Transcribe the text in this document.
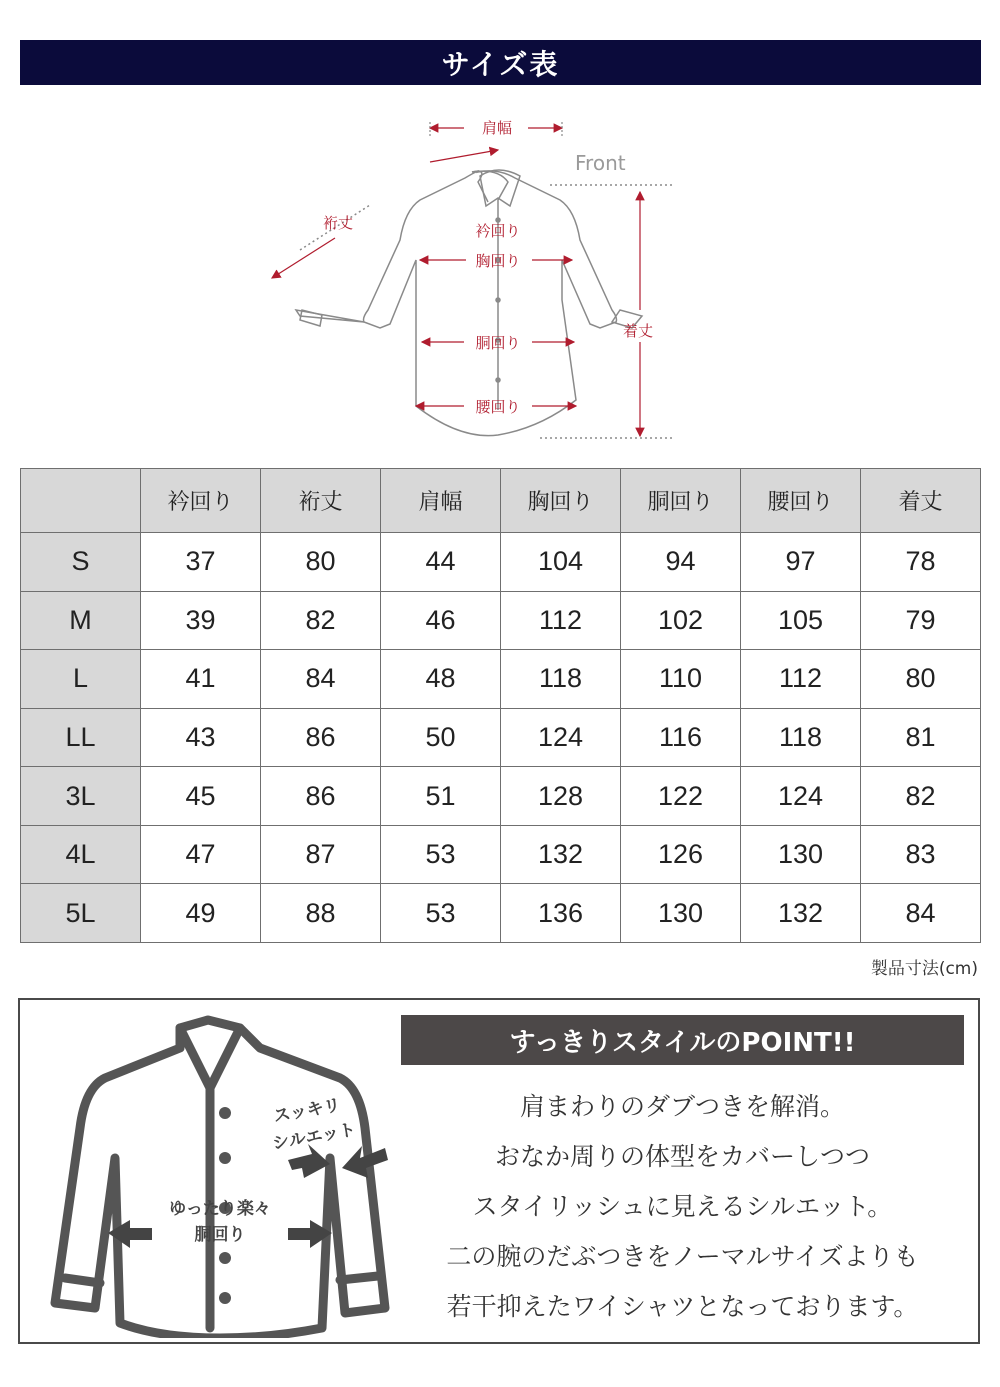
サイズ表
肩幅
裄丈	衿回り
胸回り
胴回り
腰回り
着丈
Front
	衿回り	裄丈	肩幅	胸回り	胴回り	腰回り	着丈
S	37	80	44	104	94	97	78
M	39	82	46	112	102	105	79
L	41	84	48	118	110	112	80
LL	43	86	50	124	116	118	81
3L	45	86	51	128	122	124	82
4L	47	87	53	132	126	130	83
5L	49	88	53	136	130	132	84
製品寸法(cm)
スッキリ
シルエット
ゆったり楽々
胴回り
すっきりスタイルのPOINT!!
肩まわりのダブつきを解消。
おなか周りの体型をカバーしつつ
スタイリッシュに見えるシルエット。
二の腕のだぶつきをノーマルサイズよりも
若干抑えたワイシャツとなっております。
